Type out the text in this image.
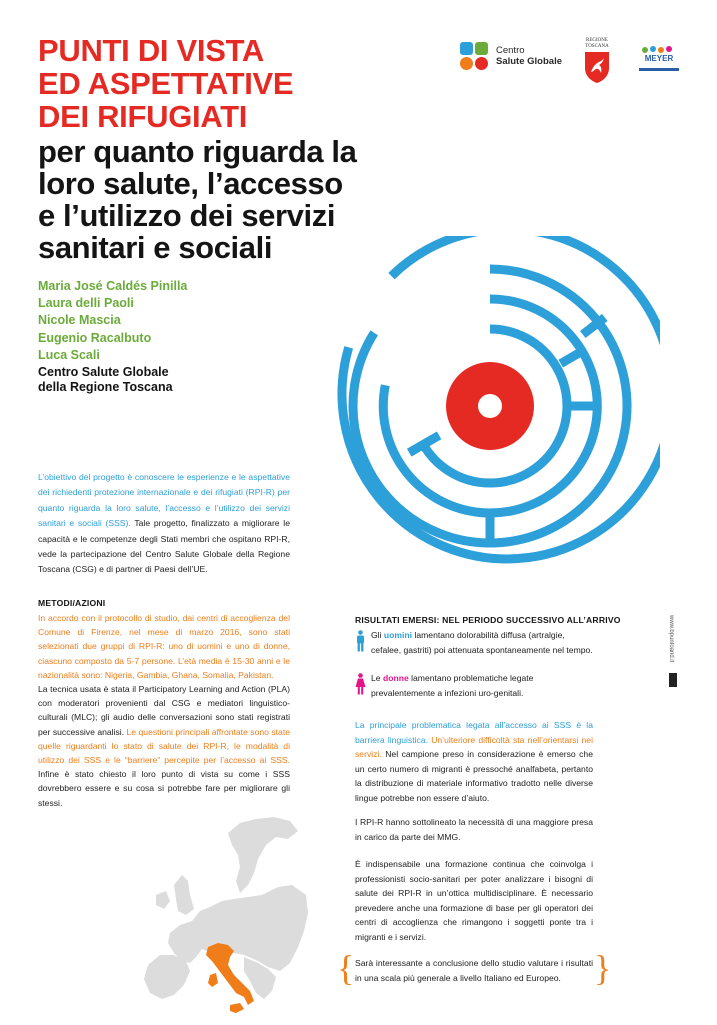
PUNTI DI VISTA
ED ASPETTATIVE
DEI RIFUGIATI
per quanto riguarda la
loro salute, l’accesso
e l’utilizzo dei servizi
sanitari e sociali
Maria José Caldés Pinilla
Laura delli Paoli
Nicole Mascia
Eugenio Racalbuto
Luca Scali
Centro Salute Globale
della Regione Toscana
Centro
Salute Globale
REGIONE
TOSCANA
MEYER

L’obiettivo del progetto è conoscere le esperienze e le aspettative dei richiedenti protezione internazionale e dei rifugiati (RPI-R) per quanto riguarda la loro salute, l’accesso e l’utilizzo dei servizi sanitari e sociali (SSS). Tale progetto, finalizzato a migliorare le capacità e le competenze degli Stati membri che ospitano RPI-R, vede la partecipazione del Centro Salute Globale della Regione Toscana (CSG) e di partner di Paesi dell’UE.

METODI/AZIONI

In accordo con il protocollo di studio, dai centri di accoglienza del Comune di Firenze, nel mese di marzo 2016, sono stati selezionati due gruppi di RPI-R: uno di uomini e uno di donne, ciascuno composto da 5-7 persone. L’età media è 15-30 anni e le nazionalità sono: Nigeria, Gambia, Ghana, Somalia, Pakistan.
La tecnica usata è stata il Participatory Learning and Action (PLA) con moderatori provenienti dal CSG e mediatori linguistico-culturali (MLC); gli audio delle conversazioni sono stati registrati per successive analisi. Le questioni principali affrontate sono state quelle riguardanti lo stato di salute dei RPI-R, le modalità di utilizzo dei SSS e le “barriere” percepite per l’accesso ai SSS. Infine è stato chiesto il loro punto di vista su come i SSS dovrebbero essere e su cosa si potrebbe fare per migliorare gli stessi.

RISULTATI EMERSI: NEL PERIODO SUCCESSIVO ALL’ARRIVO
Gli uomini lamentano dolorabilità diffusa (artralgie, cefalee, gastriti) poi attenuata spontaneamente nel tempo.
Le donne lamentano problematiche legate prevalentemente a infezioni uro-genitali.

La principale problematica legata all’accesso ai SSS è la barriera linguistica. Un’ulteriore difficoltà sta nell’orientarsi nei servizi. Nel campione preso in considerazione è emerso che un certo numero di migranti è pressoché analfabeta, pertanto la distribuzione di materiale informativo tradotto nelle diverse lingue potrebbe non essere d’aiuto.

I RPI-R hanno sottolineato la necessità di una maggiore presa in carico da parte dei MMG.

È indispensabile una formazione continua che coinvolga i professionisti socio-sanitari per poter analizzare i bisogni di salute dei RPI-R in un’ottica multidisciplinare. È necessario prevedere anche una formazione di base per gli operatori dei centri di accoglienza che rimangono i soggetti ponte tra i migranti e i servizi.

{ Sarà interessante a conclusione dello studio valutare i risultati in una scala più generale a livello Italiano ed Europeo. }
www.bpuntoand.it
